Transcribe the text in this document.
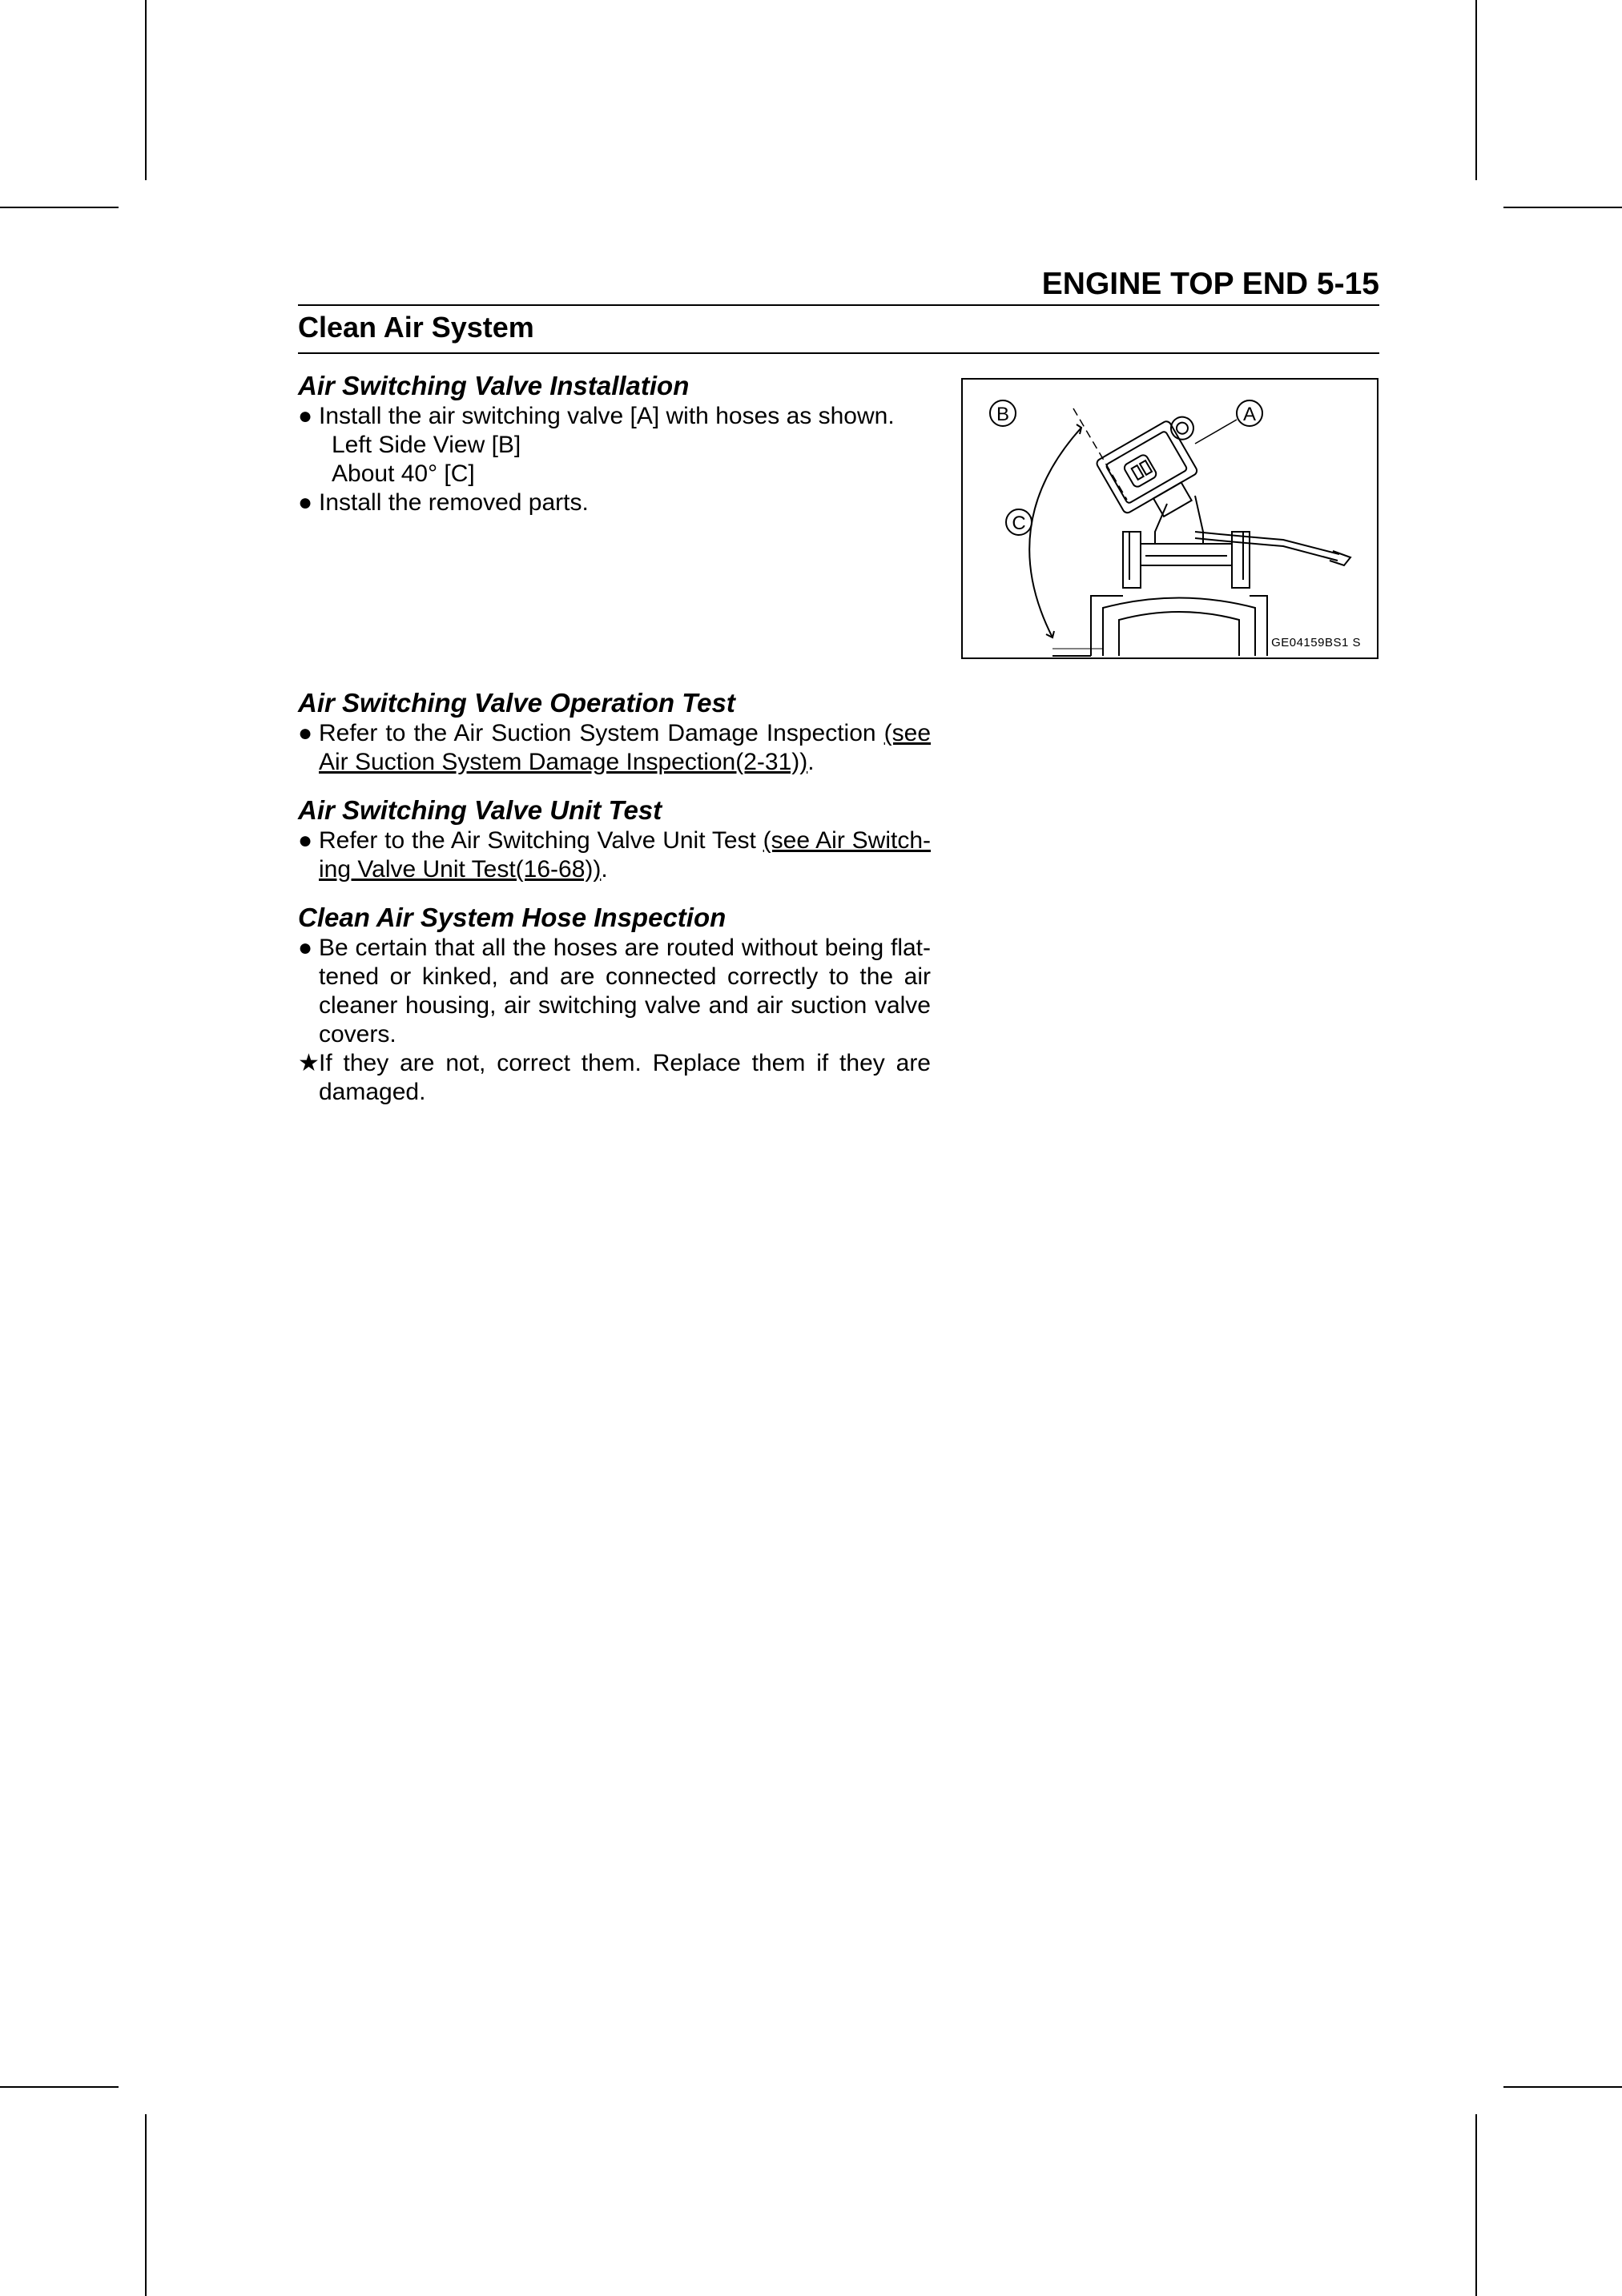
ENGINE TOP END 5-15
Clean Air System
Air Switching Valve Installation
● Install the air switching valve [A] with hoses as shown.
Left Side View [B]
About 40° [C]
● Install the removed parts.
Air Switching Valve Operation Test
● Refer to the Air Suction System Damage Inspection (see Air Suction System Damage Inspection(2-31)).
Air Switching Valve Unit Test
● Refer to the Air Switching Valve Unit Test (see Air Switch-ing Valve Unit Test(16-68)).
Clean Air System Hose Inspection
● Be certain that all the hoses are routed without being flat-tened or kinked, and are connected correctly to the air cleaner housing, air switching valve and air suction valve covers.
★ If they are not, correct them. Replace them if they are damaged.
B	A
C
GE04159BS1 S
